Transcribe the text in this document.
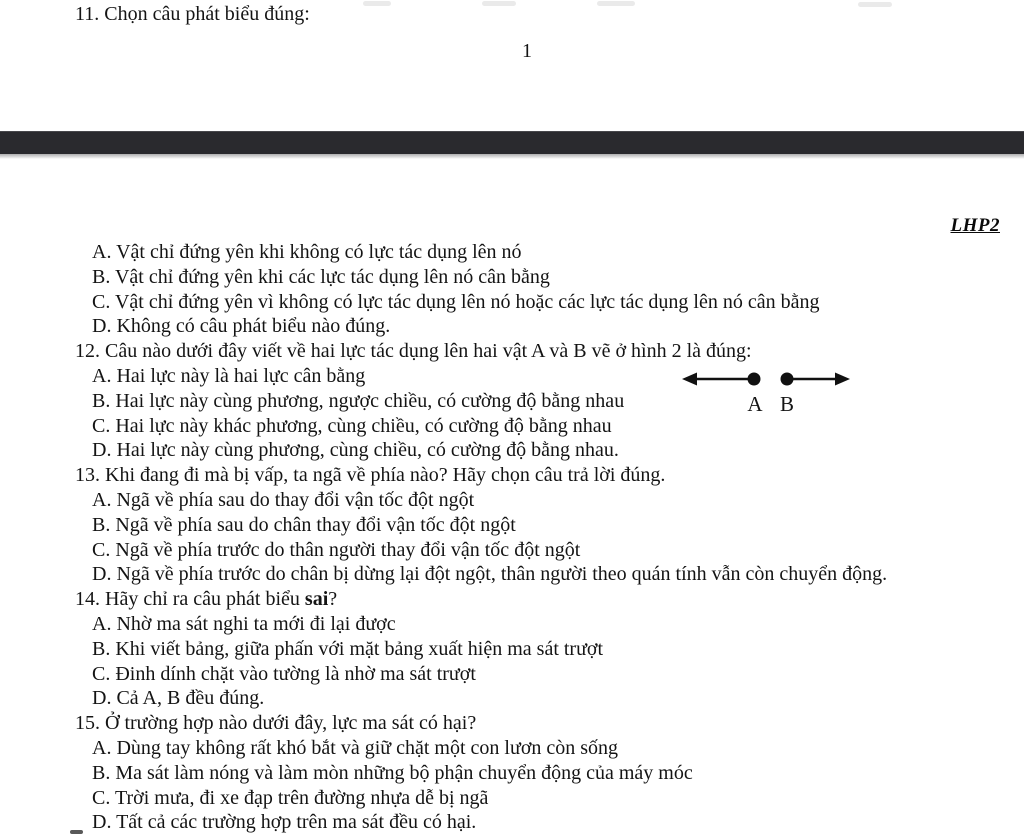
11. Chọn câu phát biểu đúng:
1
LHP2
A. Vật chỉ đứng yên khi không có lực tác dụng lên nó
B. Vật chỉ đứng yên khi các lực tác dụng lên nó cân bằng
C. Vật chỉ đứng yên vì không có lực tác dụng lên nó hoặc các lực tác dụng lên nó cân bằng
D. Không có câu phát biểu nào đúng.
12. Câu nào dưới đây viết về hai lực tác dụng lên hai vật A và B vẽ ở hình 2 là đúng:
A. Hai lực này là hai lực cân bằng
B. Hai lực này cùng phương, ngược chiều, có cường độ bằng nhau
C. Hai lực này khác phương, cùng chiều, có cường độ bằng nhau
D. Hai lực này cùng phương, cùng chiều, có cường độ bằng nhau.
13. Khi đang đi mà bị vấp, ta ngã về phía nào? Hãy chọn câu trả lời đúng.
A. Ngã về phía sau do thay đổi vận tốc đột ngột
B. Ngã về phía sau do chân thay đổi vận tốc đột ngột
C. Ngã về phía trước do thân người thay đổi vận tốc đột ngột
D. Ngã về phía trước do chân bị dừng lại đột ngột, thân người theo quán tính vẫn còn chuyển động.
14. Hãy chỉ ra câu phát biểu sai?
A. Nhờ ma sát nghi ta mới đi lại được
B. Khi viết bảng, giữa phấn với mặt bảng xuất hiện ma sát trượt
C. Đinh dính chặt vào tường là nhờ ma sát trượt
D. Cả A, B đều đúng.
15. Ở trường hợp nào dưới đây, lực ma sát có hại?
A. Dùng tay không rất khó bắt và giữ chặt một con lươn còn sống
B. Ma sát làm nóng và làm mòn những bộ phận chuyển động của máy móc
C. Trời mưa, đi xe đạp trên đường nhựa dễ bị ngã
D. Tất cả các trường hợp trên ma sát đều có hại.
A B
